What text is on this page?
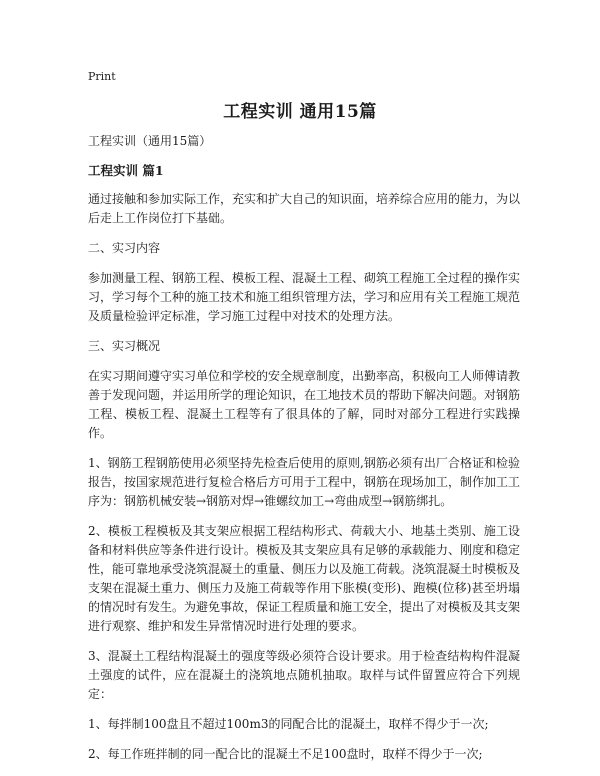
Print
工程实训 通用15篇
工程实训（通用15篇）
工程实训 篇1
通过接触和参加实际工作，充实和扩大自己的知识面，培养综合应用的能力，为以后走上工作岗位打下基础。
二、实习内容
参加测量工程、钢筋工程、模板工程、混凝土工程、砌筑工程施工全过程的操作实习，学习每个工种的施工技术和施工组织管理方法，学习和应用有关工程施工规范及质量检验评定标准，学习施工过程中对技术的处理方法。
三、实习概况
在实习期间遵守实习单位和学校的安全规章制度，出勤率高，积极向工人师傅请教善于发现问题，并运用所学的理论知识，在工地技术员的帮助下解决问题。对钢筋工程、模板工程、混凝土工程等有了很具体的了解，同时对部分工程进行实践操作。
1、钢筋工程钢筋使用必须坚持先检查后使用的原则,钢筋必须有出厂合格证和检验报告，按国家规范进行复检合格后方可用于工程中，钢筋在现场加工，制作加工工序为：钢筋机械安装→钢筋对焊→锥螺纹加工→弯曲成型→钢筋绑扎。
2、模板工程模板及其支架应根据工程结构形式、荷载大小、地基土类别、施工设备和材料供应等条件进行设计。模板及其支架应具有足够的承载能力、刚度和稳定性，能可靠地承受浇筑混凝土的重量、侧压力以及施工荷载。浇筑混凝土时模板及支架在混凝土重力、侧压力及施工荷载等作用下胀模(变形)、跑模(位移)甚至坍塌的情况时有发生。为避免事故，保证工程质量和施工安全，提出了对模板及其支架进行观察、维护和发生异常情况时进行处理的要求。
3、混凝土工程结构混凝土的强度等级必须符合设计要求。用于检查结构构件混凝土强度的试件，应在混凝土的浇筑地点随机抽取。取样与试件留置应符合下列规定：
1、每拌制100盘且不超过100m3的同配合比的混凝土，取样不得少于一次;
2、每工作班拌制的同一配合比的混凝土不足100盘时，取样不得少于一次;
